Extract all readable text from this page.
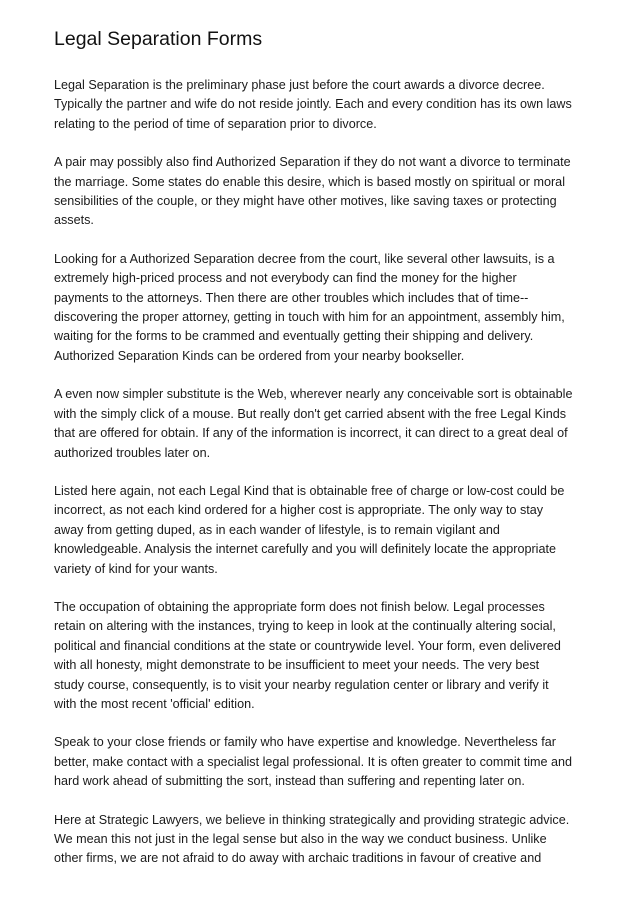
Legal Separation Forms

Legal Separation is the preliminary phase just before the court awards a divorce decree.
Typically the partner and wife do not reside jointly. Each and every condition has its own laws
relating to the period of time of separation prior to divorce.

A pair may possibly also find Authorized Separation if they do not want a divorce to terminate
the marriage. Some states do enable this desire, which is based mostly on spiritual or moral
sensibilities of the couple, or they might have other motives, like saving taxes or protecting
assets.

Looking for a Authorized Separation decree from the court, like several other lawsuits, is a
extremely high-priced process and not everybody can find the money for the higher
payments to the attorneys. Then there are other troubles which includes that of time--
discovering the proper attorney, getting in touch with him for an appointment, assembly him,
waiting for the forms to be crammed and eventually getting their shipping and delivery.
Authorized Separation Kinds can be ordered from your nearby bookseller.

A even now simpler substitute is the Web, wherever nearly any conceivable sort is obtainable
with the simply click of a mouse. But really don't get carried absent with the free Legal Kinds
that are offered for obtain. If any of the information is incorrect, it can direct to a great deal of
authorized troubles later on.

Listed here again, not each Legal Kind that is obtainable free of charge or low-cost could be
incorrect, as not each kind ordered for a higher cost is appropriate. The only way to stay
away from getting duped, as in each wander of lifestyle, is to remain vigilant and
knowledgeable. Analysis the internet carefully and you will definitely locate the appropriate
variety of kind for your wants.

The occupation of obtaining the appropriate form does not finish below. Legal processes
retain on altering with the instances, trying to keep in look at the continually altering social,
political and financial conditions at the state or countrywide level. Your form, even delivered
with all honesty, might demonstrate to be insufficient to meet your needs. The very best
study course, consequently, is to visit your nearby regulation center or library and verify it
with the most recent 'official' edition.

Speak to your close friends or family who have expertise and knowledge. Nevertheless far
better, make contact with a specialist legal professional. It is often greater to commit time and
hard work ahead of submitting the sort, instead than suffering and repenting later on.

Here at Strategic Lawyers, we believe in thinking strategically and providing strategic advice.
We mean this not just in the legal sense but also in the way we conduct business. Unlike
other firms, we are not afraid to do away with archaic traditions in favour of creative and
